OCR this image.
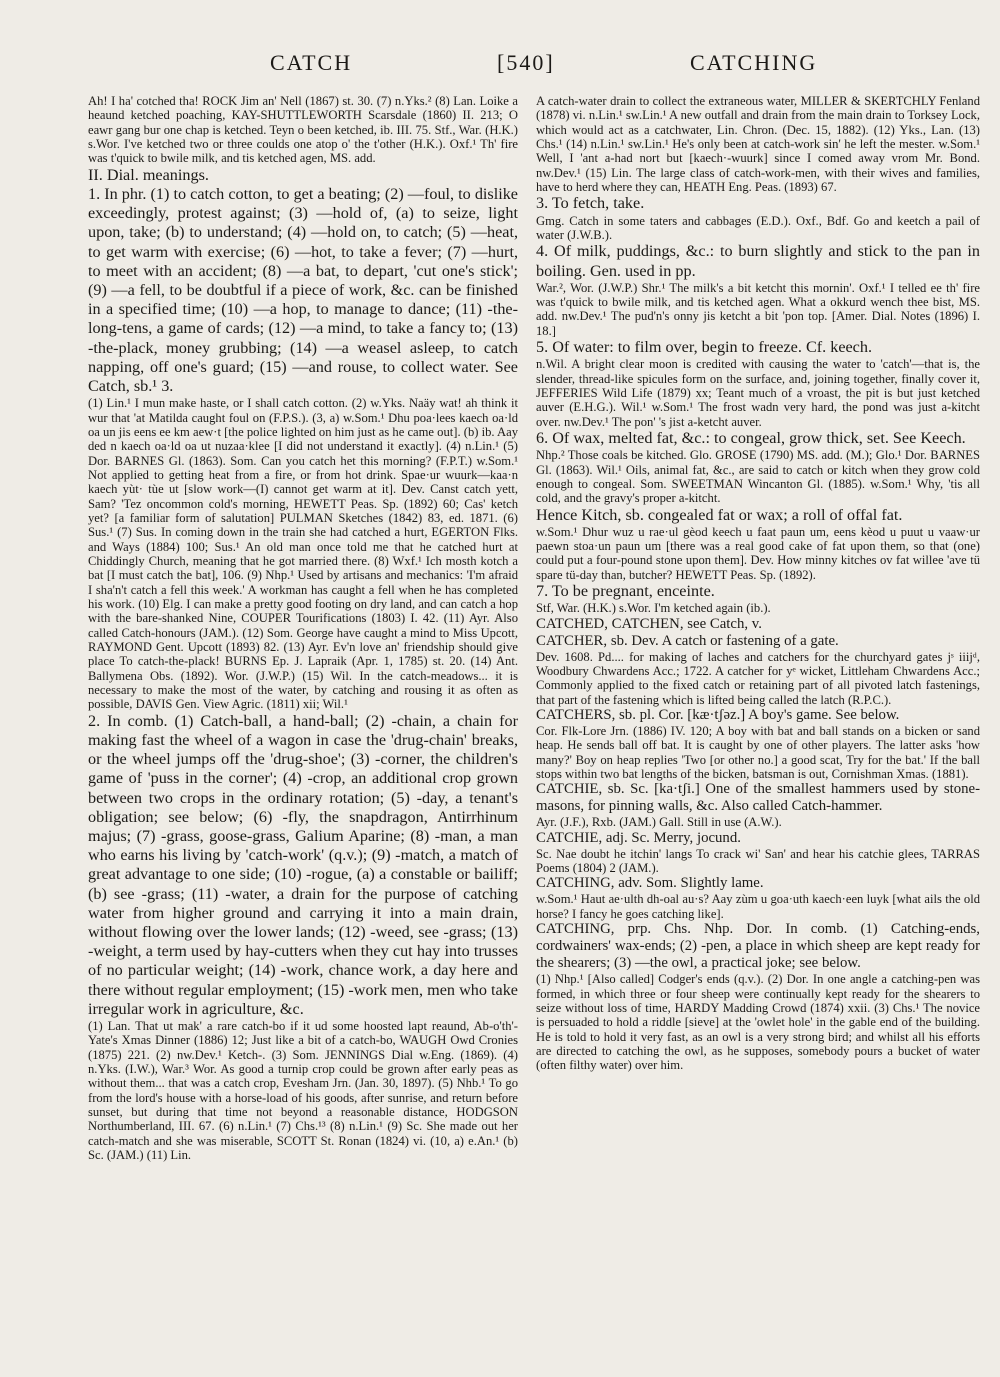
CATCH	[540]	CATCHING

Ah! I ha' cotched tha! ROCK Jim an' Nell (1867) st. 30. (7) n.Yks.² (8) Lan. Loike a heaund ketched poaching, KAY-SHUTTLEWORTH Scarsdale (1860) II. 213; O eawr gang bur one chap is ketched. Teyn o been ketched, ib. III. 75. Stf., War. (H.K.) s.Wor. I've ketched two or three coulds one atop o' the t'other (H.K.). Oxf.¹ Th' fire was t'quick to bwile milk, and tis ketched agen, MS. add.

II. Dial. meanings.

1. In phr. (1) to catch cotton, to get a beating; (2) —foul, to dislike exceedingly, protest against; (3) —hold of, (a) to seize, light upon, take; (b) to understand; (4) —hold on, to catch; (5) —heat, to get warm with exercise; (6) —hot, to take a fever; (7) —hurt, to meet with an accident; (8) —a bat, to depart, 'cut one's stick'; (9) —a fell, to be doubtful if a piece of work, &c. can be finished in a specified time; (10) —a hop, to manage to dance; (11) -the-long-tens, a game of cards; (12) —a mind, to take a fancy to; (13) -the-plack, money grubbing; (14) —a weasel asleep, to catch napping, off one's guard; (15) —and rouse, to collect water. See Catch, sb.¹ 3.

(1) Lin.¹ I mun make haste, or I shall catch cotton. (2) w.Yks. Naäy wat! ah think it wur that 'at Matilda caught foul on (F.P.S.). (3, a) w.Som.¹ Dhu poa·lees kaech oa·ld oa un jis eens ee km aew·t [the police lighted on him just as he came out]. (b) ib. Aay ded n kaech oa·ld oa ut nuzaa·klee [I did not understand it exactly]. (4) n.Lin.¹ (5) Dor. BARNES Gl. (1863). Som. Can you catch het this morning? (F.P.T.) w.Som.¹ Not applied to getting heat from a fire, or from hot drink. Spae·ur wuurk—kaa·n kaech yùt· tùe ut [slow work—(I) cannot get warm at it]. Dev. Canst catch yett, Sam? 'Tez oncommon cold's morning, HEWETT Peas. Sp. (1892) 60; Cas' ketch yet? [a familiar form of salutation] PULMAN Sketches (1842) 83, ed. 1871. (6) Sus.¹ (7) Sus. In coming down in the train she had catched a hurt, EGERTON Flks. and Ways (1884) 100; Sus.¹ An old man once told me that he catched hurt at Chiddingly Church, meaning that he got married there. (8) Wxf.¹ Ich mosth kotch a bat [I must catch the bat], 106. (9) Nhp.¹ Used by artisans and mechanics: 'I'm afraid I sha'n't catch a fell this week.' A workman has caught a fell when he has completed his work. (10) Elg. I can make a pretty good footing on dry land, and can catch a hop with the bare-shanked Nine, COUPER Tourifications (1803) I. 42. (11) Ayr. Also called Catch-honours (JAM.). (12) Som. George have caught a mind to Miss Upcott, RAYMOND Gent. Upcott (1893) 82. (13) Ayr. Ev'n love an' friendship should give place To catch-the-plack! BURNS Ep. J. Lapraik (Apr. 1, 1785) st. 20. (14) Ant. Ballymena Obs. (1892). Wor. (J.W.P.) (15) Wil. In the catch-meadows... it is necessary to make the most of the water, by catching and rousing it as often as possible, DAVIS Gen. View Agric. (1811) xii; Wil.¹

2. In comb. (1) Catch-ball, a hand-ball; (2) -chain, a chain for making fast the wheel of a wagon in case the 'drug-chain' breaks, or the wheel jumps off the 'drug-shoe'; (3) -corner, the children's game of 'puss in the corner'; (4) -crop, an additional crop grown between two crops in the ordinary rotation; (5) -day, a tenant's obligation; see below; (6) -fly, the snapdragon, Antirrhinum majus; (7) -grass, goose-grass, Galium Aparine; (8) -man, a man who earns his living by 'catch-work' (q.v.); (9) -match, a match of great advantage to one side; (10) -rogue, (a) a constable or bailiff; (b) see -grass; (11) -water, a drain for the purpose of catching water from higher ground and carrying it into a main drain, without flowing over the lower lands; (12) -weed, see -grass; (13) -weight, a term used by hay-cutters when they cut hay into trusses of no particular weight; (14) -work, chance work, a day here and there without regular employment; (15) -work men, men who take irregular work in agriculture, &c.

(1) Lan. That ut mak' a rare catch-bo if it ud some hoosted lapt reaund, Ab-o'th'-Yate's Xmas Dinner (1886) 12; Just like a bit of a catch-bo, WAUGH Owd Cronies (1875) 221. (2) nw.Dev.¹ Ketch-. (3) Som. JENNINGS Dial w.Eng. (1869). (4) n.Yks. (I.W.), War.³ Wor. As good a turnip crop could be grown after early peas as without them... that was a catch crop, Evesham Jrn. (Jan. 30, 1897). (5) Nhb.¹ To go from the lord's house with a horse-load of his goods, after sunrise, and return before sunset, but during that time not beyond a reasonable distance, HODGSON Northumberland, III. 67. (6) n.Lin.¹ (7) Chs.¹³ (8) n.Lin.¹ (9) Sc. She made out her catch-match and she was miserable, SCOTT St. Ronan (1824) vi. (10, a) e.An.¹ (b) Sc. (JAM.) (11) Lin.

A catch-water drain to collect the extraneous water, MILLER & SKERTCHLY Fenland (1878) vi. n.Lin.¹ sw.Lin.¹ A new outfall and drain from the main drain to Torksey Lock, which would act as a catchwater, Lin. Chron. (Dec. 15, 1882). (12) Yks., Lan. (13) Chs.¹ (14) n.Lin.¹ sw.Lin.¹ He's only been at catch-work sin' he left the mester. w.Som.¹ Well, I 'ant a-had nort but [kaech·-wuurk] since I comed away vrom Mr. Bond. nw.Dev.¹ (15) Lin. The large class of catch-work-men, with their wives and families, have to herd where they can, HEATH Eng. Peas. (1893) 67.

3. To fetch, take.

Gmg. Catch in some taters and cabbages (E.D.). Oxf., Bdf. Go and keetch a pail of water (J.W.B.).

4. Of milk, puddings, &c.: to burn slightly and stick to the pan in boiling. Gen. used in pp.

War.², Wor. (J.W.P.) Shr.¹ The milk's a bit ketcht this mornin'. Oxf.¹ I telled ee th' fire was t'quick to bwile milk, and tis ketched agen. What a okkurd wench thee bist, MS. add. nw.Dev.¹ The pud'n's onny jis ketcht a bit 'pon top. [Amer. Dial. Notes (1896) I. 18.]

5. Of water: to film over, begin to freeze. Cf. keech.

n.Wil. A bright clear moon is credited with causing the water to 'catch'—that is, the slender, thread-like spicules form on the surface, and, joining together, finally cover it, JEFFERIES Wild Life (1879) xx; Teant much of a vroast, the pit is but just ketched auver (E.H.G.). Wil.¹ w.Som.¹ The frost wadn very hard, the pond was just a-kitcht over. nw.Dev.¹ The pon' 's jist a-ketcht auver.

6. Of wax, melted fat, &c.: to congeal, grow thick, set. See Keech.

Nhp.² Those coals be kitched. Glo. GROSE (1790) MS. add. (M.); Glo.¹ Dor. BARNES Gl. (1863). Wil.¹ Oils, animal fat, &c., are said to catch or kitch when they grow cold enough to congeal. Som. SWEETMAN Wincanton Gl. (1885). w.Som.¹ Why, 'tis all cold, and the gravy's proper a-kitcht.

Hence Kitch, sb. congealed fat or wax; a roll of offal fat.

w.Som.¹ Dhur wuz u rae·ul gèod keech u faat paun um, eens kèod u puut u vaaw·ur paewn stoa·un paun um [there was a real good cake of fat upon them, so that (one) could put a four-pound stone upon them]. Dev. How minny kitches ov fat willee 'ave tü spare tü-day than, butcher? HEWETT Peas. Sp. (1892).

7. To be pregnant, enceinte.

Stf, War. (H.K.) s.Wor. I'm ketched again (ib.).

CATCHED, CATCHEN, see Catch, v.

CATCHER, sb. Dev. A catch or fastening of a gate.

Dev. 1608. Pd.... for making of laches and catchers for the churchyard gates jˢ iiijᵈ, Woodbury Chwardens Acc.; 1722. A catcher for yᵉ wicket, Littleham Chwardens Acc.; Commonly applied to the fixed catch or retaining part of all pivoted latch fastenings, that part of the fastening which is lifted being called the latch (R.P.C.).

CATCHERS, sb. pl. Cor. [kæ·tʃəz.] A boy's game. See below.

Cor. Flk-Lore Jrn. (1886) IV. 120; A boy with bat and ball stands on a bicken or sand heap. He sends ball off bat. It is caught by one of other players. The latter asks 'how many?' Boy on heap replies 'Two [or other no.] a good scat, Try for the bat.' If the ball stops within two bat lengths of the bicken, batsman is out, Cornishman Xmas. (1881).

CATCHIE, sb. Sc. [ka·tʃi.] One of the smallest hammers used by stone-masons, for pinning walls, &c. Also called Catch-hammer.

Ayr. (J.F.), Rxb. (JAM.) Gall. Still in use (A.W.).

CATCHIE, adj. Sc. Merry, jocund.

Sc. Nae doubt he itchin' langs To crack wi' San' and hear his catchie glees, TARRAS Poems (1804) 2 (JAM.).

CATCHING, adv. Som. Slightly lame.

w.Som.¹ Haut ae·ulth dh-oal au·s? Aay zùm u goa·uth kaech·een luyk [what ails the old horse? I fancy he goes catching like].

CATCHING, prp. Chs. Nhp. Dor. In comb. (1) Catching-ends, cordwainers' wax-ends; (2) -pen, a place in which sheep are kept ready for the shearers; (3) —the owl, a practical joke; see below.

(1) Nhp.¹ [Also called] Codger's ends (q.v.). (2) Dor. In one angle a catching-pen was formed, in which three or four sheep were continually kept ready for the shearers to seize without loss of time, HARDY Madding Crowd (1874) xxii. (3) Chs.¹ The novice is persuaded to hold a riddle [sieve] at the 'owlet hole' in the gable end of the building. He is told to hold it very fast, as an owl is a very strong bird; and whilst all his efforts are directed to catching the owl, as he supposes, somebody pours a bucket of water (often filthy water) over him.
